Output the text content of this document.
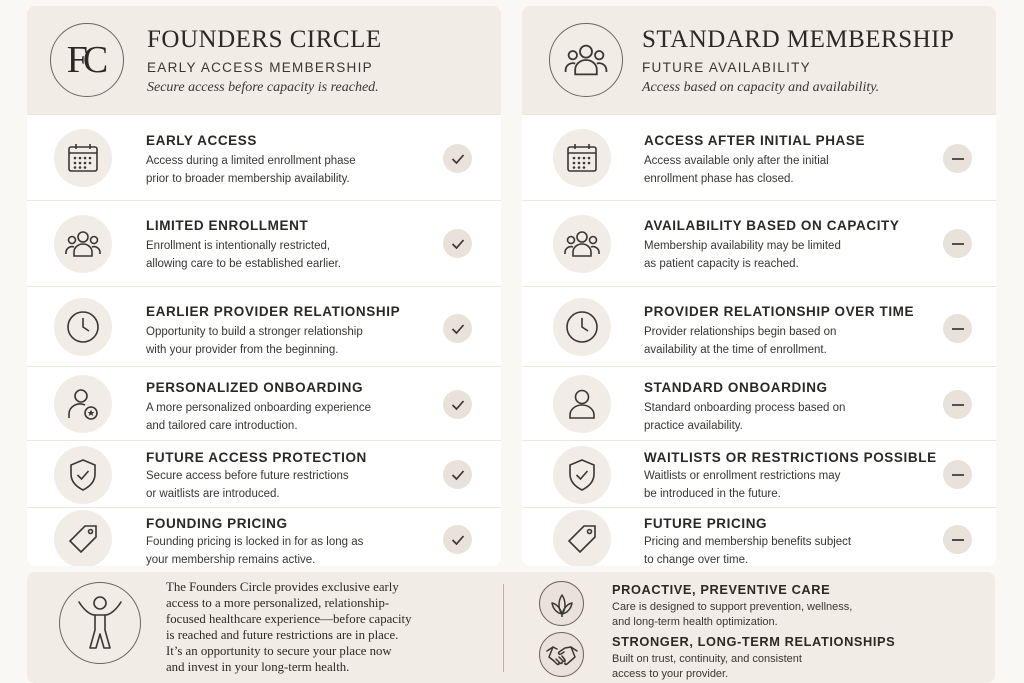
FC FOUNDERS CIRCLE
EARLY ACCESS MEMBERSHIP
Secure access before capacity is reached.
EARLY ACCESS
Access during a limited enrollment phase
prior to broader membership availability.
LIMITED ENROLLMENT
Enrollment is intentionally restricted,
allowing care to be established earlier.
EARLIER PROVIDER RELATIONSHIP
Opportunity to build a stronger relationship
with your provider from the beginning.
PERSONALIZED ONBOARDING
A more personalized onboarding experience
and tailored care introduction.
FUTURE ACCESS PROTECTION
Secure access before future restrictions
or waitlists are introduced.
FOUNDING PRICING
Founding pricing is locked in for as long as
your membership remains active.
STANDARD MEMBERSHIP
FUTURE AVAILABILITY
Access based on capacity and availability.
ACCESS AFTER INITIAL PHASE
Access available only after the initial
enrollment phase has closed.
AVAILABILITY BASED ON CAPACITY
Membership availability may be limited
as patient capacity is reached.
PROVIDER RELATIONSHIP OVER TIME
Provider relationships begin based on
availability at the time of enrollment.
STANDARD ONBOARDING
Standard onboarding process based on
practice availability.
WAITLISTS OR RESTRICTIONS POSSIBLE
Waitlists or enrollment restrictions may
be introduced in the future.
FUTURE PRICING
Pricing and membership benefits subject
to change over time.
The Founders Circle provides exclusive early
access to a more personalized, relationship-
focused healthcare experience—before capacity
is reached and future restrictions are in place.
It’s an opportunity to secure your place now
and invest in your long-term health.
PROACTIVE, PREVENTIVE CARE
Care is designed to support prevention, wellness,
and long-term health optimization.
STRONGER, LONG-TERM RELATIONSHIPS
Built on trust, continuity, and consistent
access to your provider.
